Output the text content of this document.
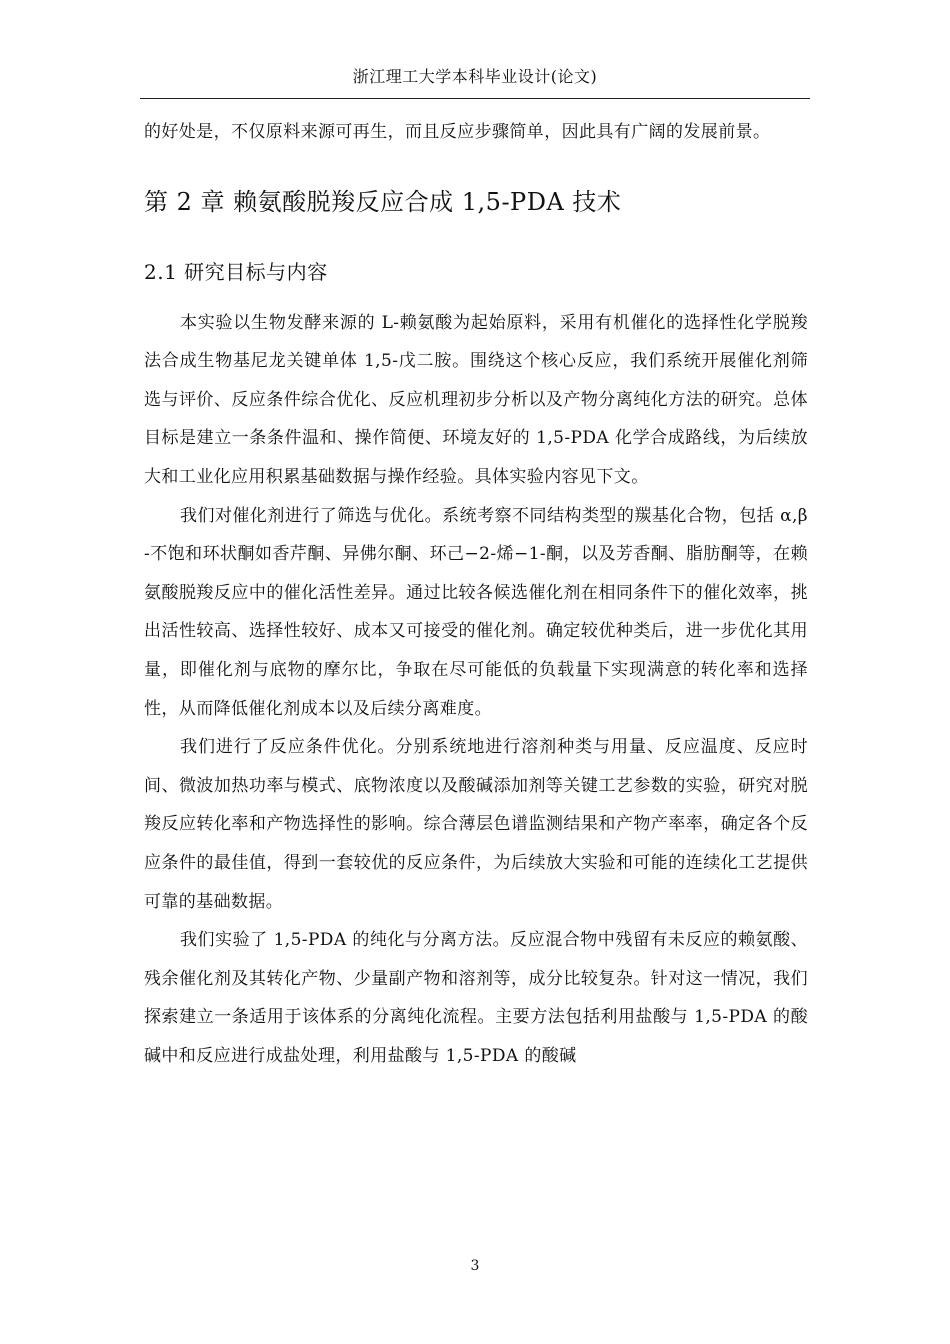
浙江理工大学本科毕业设计(论文)

的好处是，不仅原料来源可再生，而且反应步骤简单，因此具有广阔的发展前景。

第 2 章 赖氨酸脱羧反应合成 1,5-PDA 技术
2.1 研究目标与内容

本实验以生物发酵来源的 L-赖氨酸为起始原料，采用有机催化的选择性化学脱羧法合成生物基尼龙关键单体 1,5-戊二胺。围绕这个核心反应，我们系统开展催化剂筛选与评价、反应条件综合优化、反应机理初步分析以及产物分离纯化方法的研究。总体目标是建立一条条件温和、操作简便、环境友好的 1,5-PDA 化学合成路线，为后续放大和工业化应用积累基础数据与操作经验。具体实验内容见下文。

我们对催化剂进行了筛选与优化。系统考察不同结构类型的羰基化合物，包括 α,β-不饱和环状酮如香芹酮、异佛尔酮、环己−2-烯−1-酮，以及芳香酮、脂肪酮等，在赖氨酸脱羧反应中的催化活性差异。通过比较各候选催化剂在相同条件下的催化效率，挑出活性较高、选择性较好、成本又可接受的催化剂。确定较优种类后，进一步优化其用量，即催化剂与底物的摩尔比，争取在尽可能低的负载量下实现满意的转化率和选择性，从而降低催化剂成本以及后续分离难度。

我们进行了反应条件优化。分别系统地进行溶剂种类与用量、反应温度、反应时间、微波加热功率与模式、底物浓度以及酸碱添加剂等关键工艺参数的实验，研究对脱羧反应转化率和产物选择性的影响。综合薄层色谱监测结果和产物产率率，确定各个反应条件的最佳值，得到一套较优的反应条件，为后续放大实验和可能的连续化工艺提供可靠的基础数据。

我们实验了 1,5-PDA 的纯化与分离方法。反应混合物中残留有未反应的赖氨酸、残余催化剂及其转化产物、少量副产物和溶剂等，成分比较复杂。针对这一情况，我们探索建立一条适用于该体系的分离纯化流程。主要方法包括利用盐酸与 1,5-PDA 的酸碱中和反应进行成盐处理，利用盐酸与 1,5-PDA 的酸碱

3
